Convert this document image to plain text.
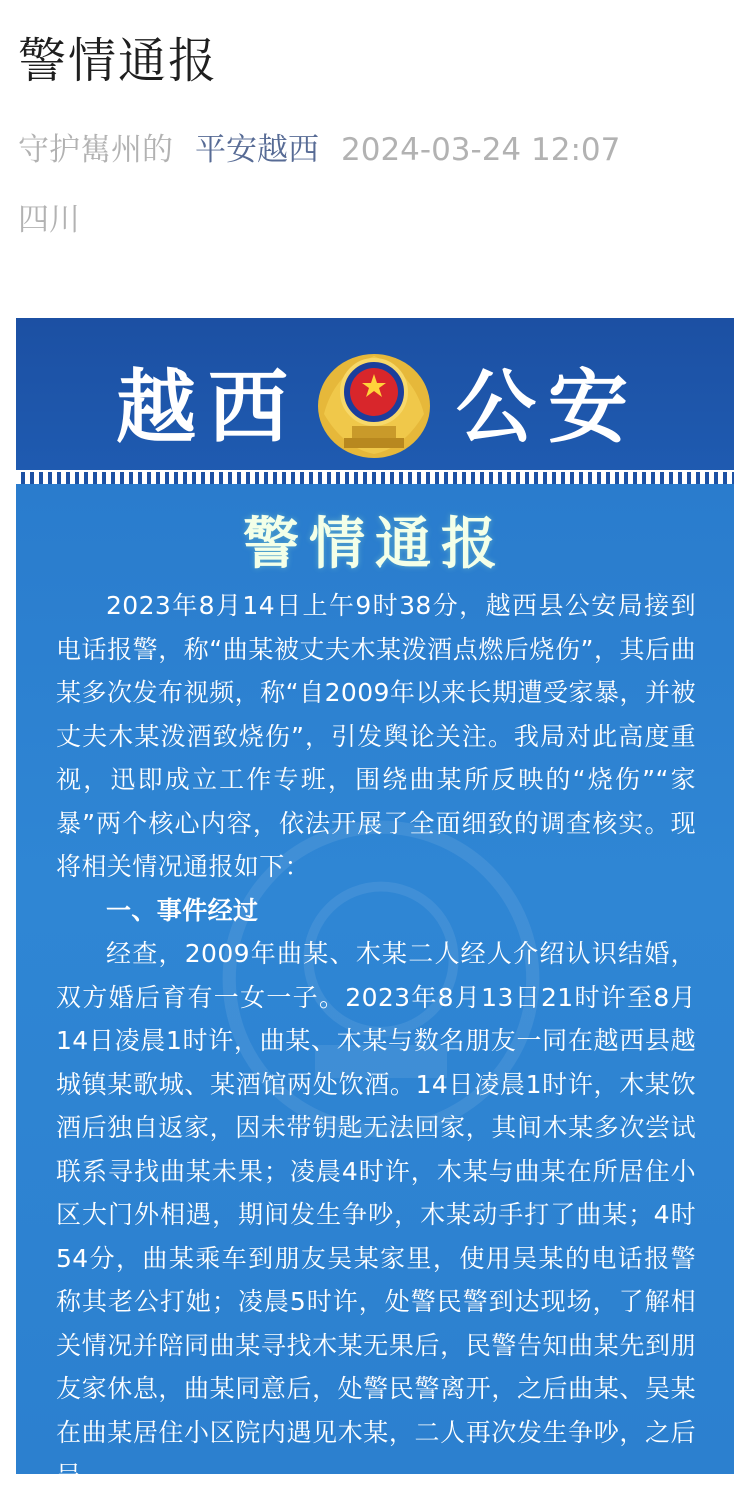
警情通报
守护嶲州的 平安越西 2024-03-24 12:07
四川
越西 公安
警情通报

2023年8月14日上午9时38分，越西县公安局接到电话报警，称“曲某被丈夫木某泼酒点燃后烧伤”，其后曲某多次发布视频，称“自2009年以来长期遭受家暴，并被丈夫木某泼酒致烧伤”，引发舆论关注。我局对此高度重视，迅即成立工作专班，围绕曲某所反映的“烧伤”“家暴”两个核心内容，依法开展了全面细致的调查核实。现将相关情况通报如下：

一、事件经过

经查，2009年曲某、木某二人经人介绍认识结婚，双方婚后育有一女一子。2023年8月13日21时许至8月14日凌晨1时许，曲某、木某与数名朋友一同在越西县越城镇某歌城、某酒馆两处饮酒。14日凌晨1时许，木某饮酒后独自返家，因未带钥匙无法回家，其间木某多次尝试联系寻找曲某未果；凌晨4时许，木某与曲某在所居住小区大门外相遇，期间发生争吵，木某动手打了曲某；4时54分，曲某乘车到朋友吴某家里，使用吴某的电话报警称其老公打她；凌晨5时许，处警民警到达现场，了解相关情况并陪同曲某寻找木某无果后，民警告知曲某先到朋友家休息，曲某同意后，处警民警离开，之后曲某、吴某在曲某居住小区院内遇见木某，二人再次发生争吵，之后吴
